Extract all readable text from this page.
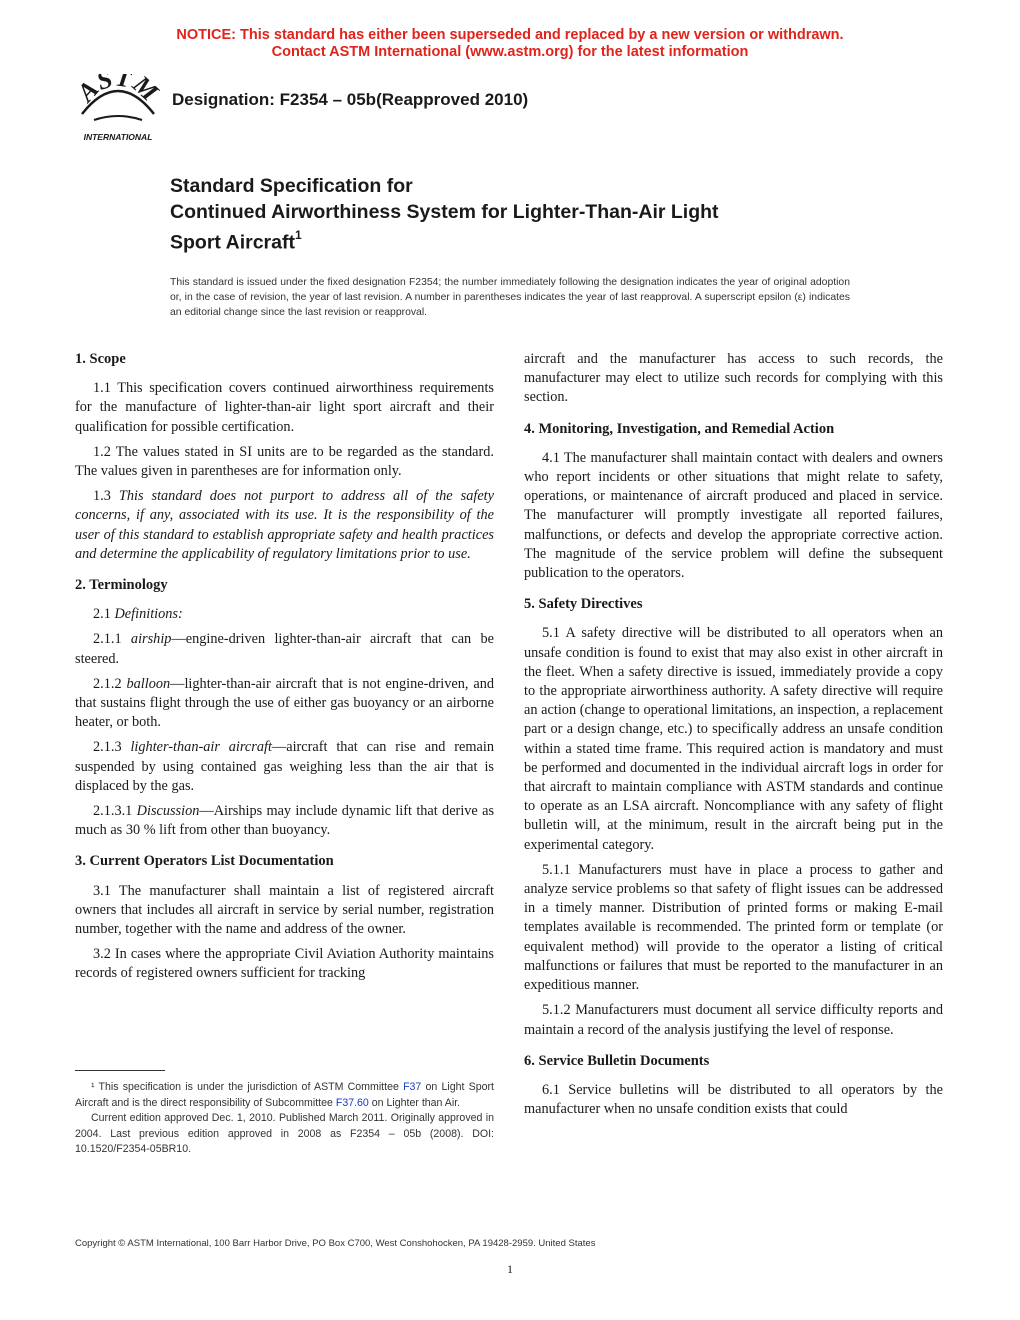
NOTICE: This standard has either been superseded and replaced by a new version or withdrawn.
Contact ASTM International (www.astm.org) for the latest information
ASTM
INTERNATIONAL
Designation: F2354 – 05b(Reapproved 2010)
Standard Specification for
Continued Airworthiness System for Lighter-Than-Air Light
Sport Aircraft$^1$
This standard is issued under the fixed designation F2354; the number immediately following the designation indicates the year of original adoption or, in the case of revision, the year of last revision. A number in parentheses indicates the year of last reapproval. A superscript epsilon (ε) indicates an editorial change since the last revision or reapproval.
1. Scope

1.1 This specification covers continued airworthiness requirements for the manufacture of lighter-than-air light sport aircraft and their qualification for possible certification.

1.2 The values stated in SI units are to be regarded as the standard. The values given in parentheses are for information only.

1.3 This standard does not purport to address all of the safety concerns, if any, associated with its use. It is the responsibility of the user of this standard to establish appropriate safety and health practices and determine the applicability of regulatory limitations prior to use.

2. Terminology

2.1 Definitions:

2.1.1 airship—engine-driven lighter-than-air aircraft that can be steered.

2.1.2 balloon—lighter-than-air aircraft that is not engine-driven, and that sustains flight through the use of either gas buoyancy or an airborne heater, or both.

2.1.3 lighter-than-air aircraft—aircraft that can rise and remain suspended by using contained gas weighing less than the air that is displaced by the gas.

2.1.3.1 Discussion—Airships may include dynamic lift that derive as much as 30 % lift from other than buoyancy.

3. Current Operators List Documentation

3.1 The manufacturer shall maintain a list of registered aircraft owners that includes all aircraft in service by serial number, registration number, together with the name and address of the owner.

3.2 In cases where the appropriate Civil Aviation Authority maintains records of registered owners sufficient for tracking

aircraft and the manufacturer has access to such records, the manufacturer may elect to utilize such records for complying with this section.

4. Monitoring, Investigation, and Remedial Action

4.1 The manufacturer shall maintain contact with dealers and owners who report incidents or other situations that might relate to safety, operations, or maintenance of aircraft produced and placed in service. The manufacturer will promptly investigate all reported failures, malfunctions, or defects and develop the appropriate corrective action. The magnitude of the service problem will define the subsequent publication to the operators.

5. Safety Directives

5.1 A safety directive will be distributed to all operators when an unsafe condition is found to exist that may also exist in other aircraft in the fleet. When a safety directive is issued, immediately provide a copy to the appropriate airworthiness authority. A safety directive will require an action (change to operational limitations, an inspection, a replacement part or a design change, etc.) to specifically address an unsafe condition within a stated time frame. This required action is mandatory and must be performed and documented in the individual aircraft logs in order for that aircraft to maintain compliance with ASTM standards and continue to operate as an LSA aircraft. Noncompliance with any safety of flight bulletin will, at the minimum, result in the aircraft being put in the experimental category.

5.1.1 Manufacturers must have in place a process to gather and analyze service problems so that safety of flight issues can be addressed in a timely manner. Distribution of printed forms or making E-mail templates available is recommended. The printed form or template (or equivalent method) will provide to the operator a listing of critical malfunctions or failures that must be reported to the manufacturer in an expeditious manner.

5.1.2 Manufacturers must document all service difficulty reports and maintain a record of the analysis justifying the level of response.

6. Service Bulletin Documents

6.1 Service bulletins will be distributed to all operators by the manufacturer when no unsafe condition exists that could

¹ This specification is under the jurisdiction of ASTM Committee F37 on Light Sport Aircraft and is the direct responsibility of Subcommittee F37.60 on Lighter than Air.

Current edition approved Dec. 1, 2010. Published March 2011. Originally approved in 2004. Last previous edition approved in 2008 as F2354 – 05b (2008). DOI: 10.1520/F2354-05BR10.

Copyright © ASTM International, 100 Barr Harbor Drive, PO Box C700, West Conshohocken, PA 19428-2959. United States
1
